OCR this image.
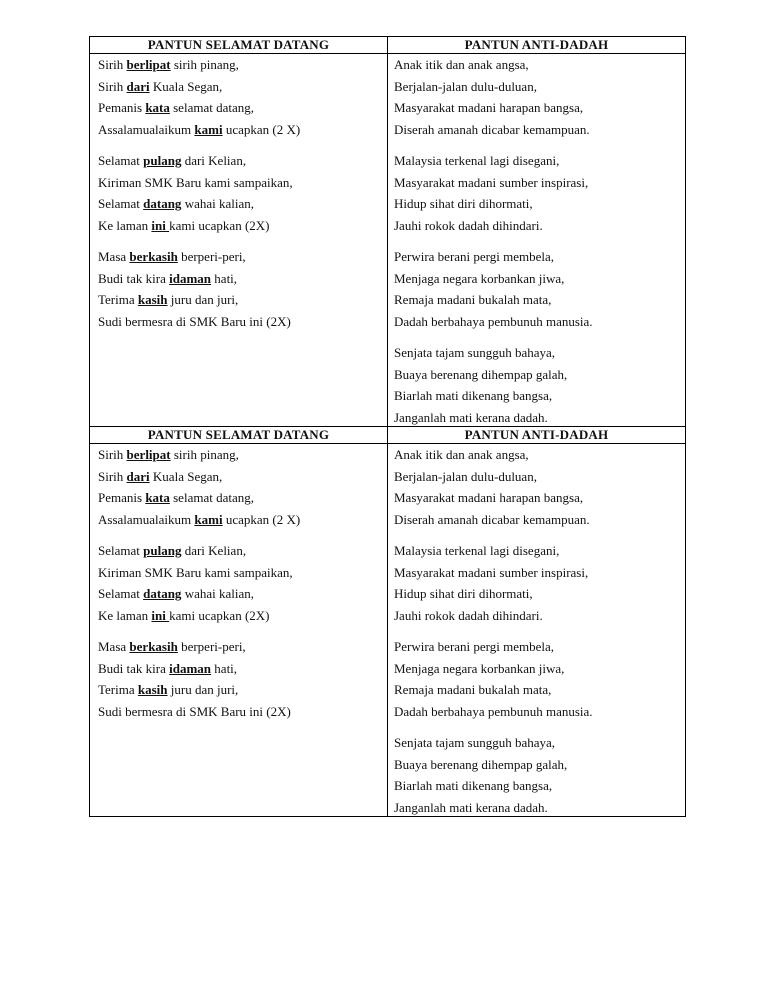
PANTUN SELAMAT DATANG	PANTUN ANTI-DADAH
Sirih berlipat sirih pinang,
Sirih dari Kuala Segan,
Pemanis kata selamat datang,
Assalamualaikum kami ucapkan (2 X)
Selamat pulang dari Kelian,
Kiriman SMK Baru kami sampaikan,
Selamat datang wahai kalian,
Ke laman ini kami ucapkan (2X)
Masa berkasih berperi-peri,
Budi tak kira idaman hati,
Terima kasih juru dan juri,
Sudi bermesra di SMK Baru ini (2X)
Anak itik dan anak angsa,
Berjalan-jalan dulu-duluan,
Masyarakat madani harapan bangsa,
Diserah amanah dicabar kemampuan.
Malaysia terkenal lagi disegani,
Masyarakat madani sumber inspirasi,
Hidup sihat diri dihormati,
Jauhi rokok dadah dihindari.
Perwira berani pergi membela,
Menjaga negara korbankan jiwa,
Remaja madani bukalah mata,
Dadah berbahaya pembunuh manusia.
Senjata tajam sungguh bahaya,
Buaya berenang dihempap galah,
Biarlah mati dikenang bangsa,
Janganlah mati kerana dadah.
PANTUN SELAMAT DATANG	PANTUN ANTI-DADAH
Sirih berlipat sirih pinang,
Sirih dari Kuala Segan,
Pemanis kata selamat datang,
Assalamualaikum kami ucapkan (2 X)
Selamat pulang dari Kelian,
Kiriman SMK Baru kami sampaikan,
Selamat datang wahai kalian,
Ke laman ini kami ucapkan (2X)
Masa berkasih berperi-peri,
Budi tak kira idaman hati,
Terima kasih juru dan juri,
Sudi bermesra di SMK Baru ini (2X)
Anak itik dan anak angsa,
Berjalan-jalan dulu-duluan,
Masyarakat madani harapan bangsa,
Diserah amanah dicabar kemampuan.
Malaysia terkenal lagi disegani,
Masyarakat madani sumber inspirasi,
Hidup sihat diri dihormati,
Jauhi rokok dadah dihindari.
Perwira berani pergi membela,
Menjaga negara korbankan jiwa,
Remaja madani bukalah mata,
Dadah berbahaya pembunuh manusia.
Senjata tajam sungguh bahaya,
Buaya berenang dihempap galah,
Biarlah mati dikenang bangsa,
Janganlah mati kerana dadah.
